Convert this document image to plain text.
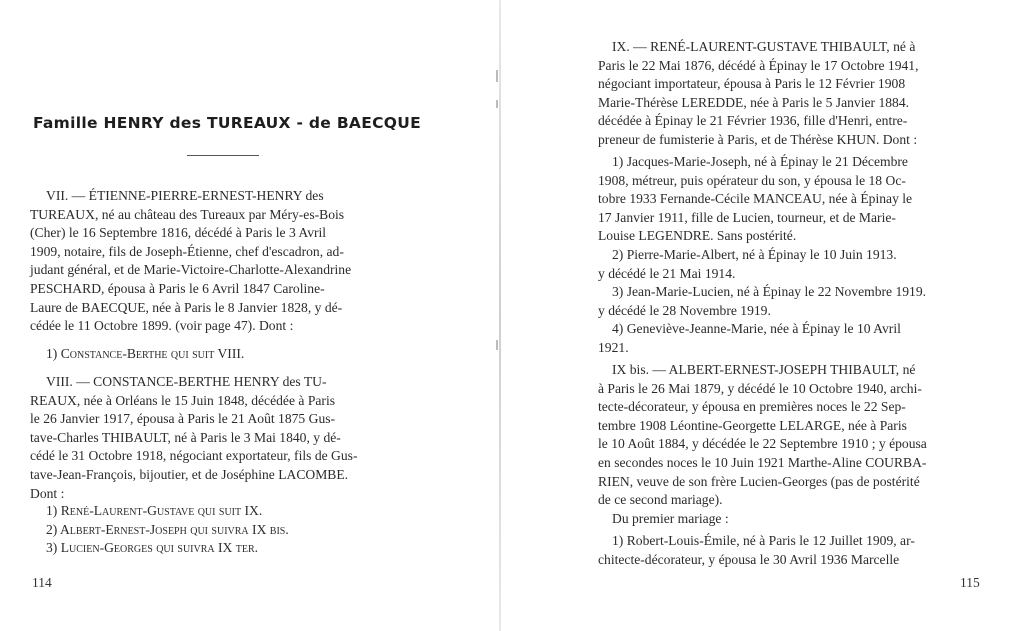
Famille HENRY des TUREAUX - de BAECQUE
VII. — ÉTIENNE-PIERRE-ERNEST-HENRY des
TUREAUX, né au château des Tureaux par Méry-es-Bois
(Cher) le 16 Septembre 1816, décédé à Paris le 3 Avril
1909, notaire, fils de Joseph-Étienne, chef d'escadron, ad-
judant général, et de Marie-Victoire-Charlotte-Alexandrine
PESCHARD, épousa à Paris le 6 Avril 1847 Caroline-
Laure de BAECQUE, née à Paris le 8 Janvier 1828, y dé-
cédée le 11 Octobre 1899. (voir page 47). Dont :
1) Constance-Berthe qui suit VIII.
VIII. — CONSTANCE-BERTHE HENRY des TU-
REAUX, née à Orléans le 15 Juin 1848, décédée à Paris
le 26 Janvier 1917, épousa à Paris le 21 Août 1875 Gus-
tave-Charles THIBAULT, né à Paris le 3 Mai 1840, y dé-
cédé le 31 Octobre 1918, négociant exportateur, fils de Gus-
tave-Jean-François, bijoutier, et de Joséphine LACOMBE.
Dont :
1) René-Laurent-Gustave qui suit IX.
2) Albert-Ernest-Joseph qui suivra IX bis.
3) Lucien-Georges qui suivra IX ter.
114
IX. — RENÉ-LAURENT-GUSTAVE THIBAULT, né à
Paris le 22 Mai 1876, décédé à Épinay le 17 Octobre 1941,
négociant importateur, épousa à Paris le 12 Février 1908
Marie-Thérèse LEREDDE, née à Paris le 5 Janvier 1884.
décédée à Épinay le 21 Février 1936, fille d'Henri, entre-
preneur de fumisterie à Paris, et de Thérèse KHUN. Dont :
1) Jacques-Marie-Joseph, né à Épinay le 21 Décembre
1908, métreur, puis opérateur du son, y épousa le 18 Oc-
tobre 1933 Fernande-Cécile MANCEAU, née à Épinay le
17 Janvier 1911, fille de Lucien, tourneur, et de Marie-
Louise LEGENDRE. Sans postérité.
2) Pierre-Marie-Albert, né à Épinay le 10 Juin 1913.
y décédé le 21 Mai 1914.
3) Jean-Marie-Lucien, né à Épinay le 22 Novembre 1919.
y décédé le 28 Novembre 1919.
4) Geneviève-Jeanne-Marie, née à Épinay le 10 Avril
1921.
IX bis. — ALBERT-ERNEST-JOSEPH THIBAULT, né
à Paris le 26 Mai 1879, y décédé le 10 Octobre 1940, archi-
tecte-décorateur, y épousa en premières noces le 22 Sep-
tembre 1908 Léontine-Georgette LELARGE, née à Paris
le 10 Août 1884, y décédée le 22 Septembre 1910 ; y épousa
en secondes noces le 10 Juin 1921 Marthe-Aline COURBA-
RIEN, veuve de son frère Lucien-Georges (pas de postérité
de ce second mariage).
Du premier mariage :
1) Robert-Louis-Émile, né à Paris le 12 Juillet 1909, ar-
chitecte-décorateur, y épousa le 30 Avril 1936 Marcelle
115
